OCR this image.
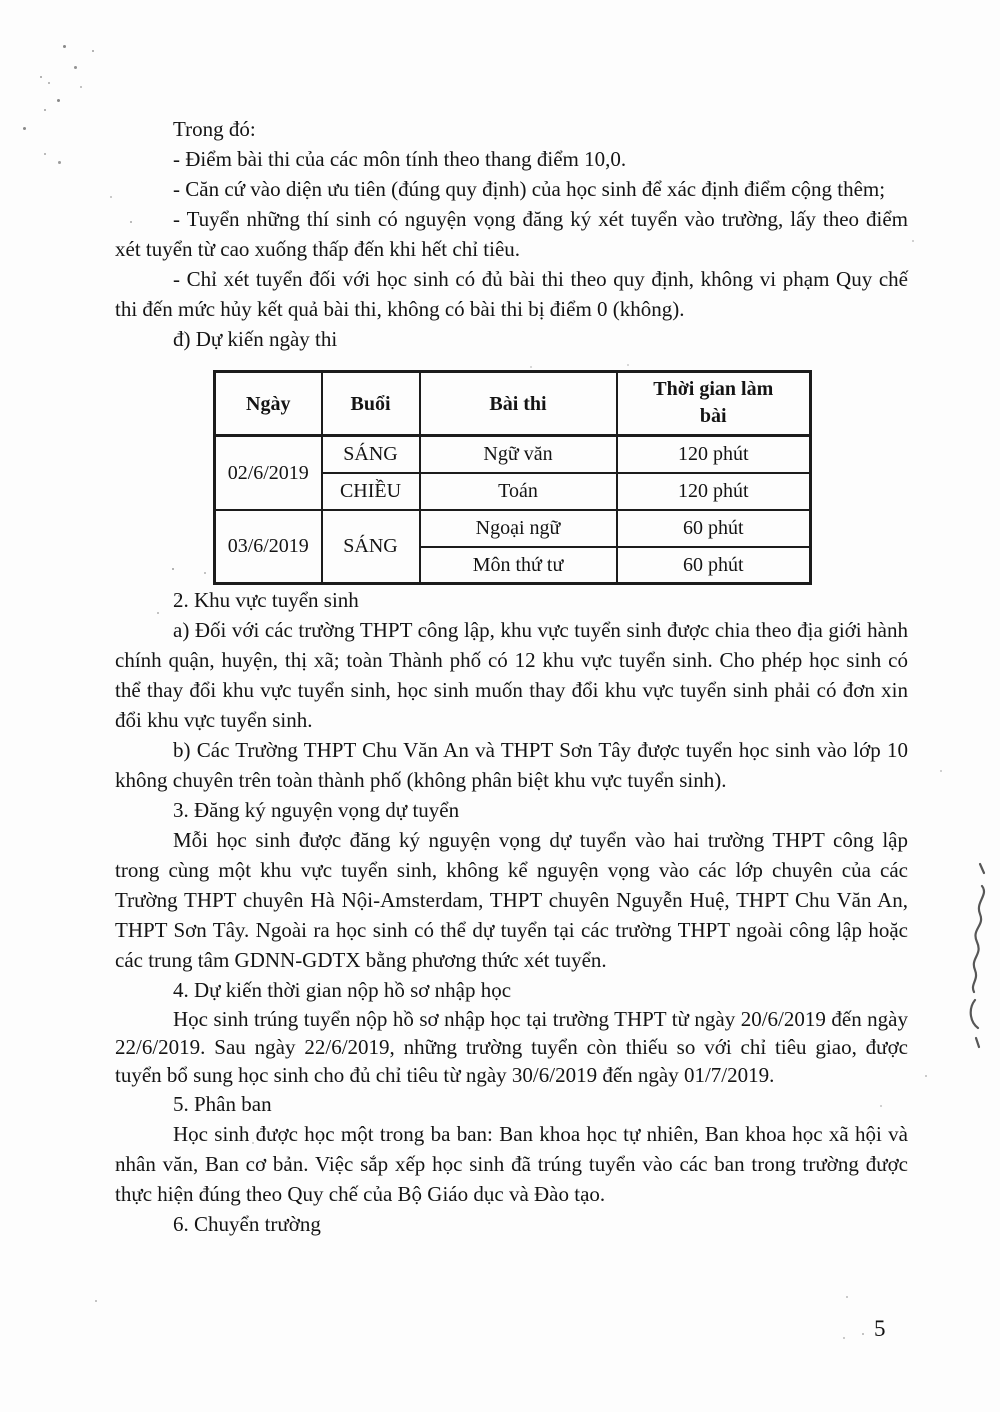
Trong đó:

- Điểm bài thi của các môn tính theo thang điểm 10,0.

- Căn cứ vào diện ưu tiên (đúng quy định) của học sinh để xác định điểm cộng thêm;

- Tuyển những thí sinh có nguyện vọng đăng ký xét tuyển vào trường, lấy theo điểm xét tuyển từ cao xuống thấp đến khi hết chỉ tiêu.

- Chỉ xét tuyển đối với học sinh có đủ bài thi theo quy định, không vi phạm Quy chế thi đến mức hủy kết quả bài thi, không có bài thi bị điểm 0 (không).

đ) Dự kiến ngày thi

Ngày	Buổi	Bài thi	Thời gian làm bài
02/6/2019	SÁNG	Ngữ văn	120 phút
	CHIỀU	Toán	120 phút
03/6/2019	SÁNG	Ngoại ngữ	60 phút
		Môn thứ tư	60 phút

2. Khu vực tuyển sinh

a) Đối với các trường THPT công lập, khu vực tuyển sinh được chia theo địa giới hành chính quận, huyện, thị xã; toàn Thành phố có 12 khu vực tuyển sinh. Cho phép học sinh có thể thay đổi khu vực tuyển sinh, học sinh muốn thay đổi khu vực tuyển sinh phải có đơn xin đổi khu vực tuyển sinh.

b) Các Trường THPT Chu Văn An và THPT Sơn Tây được tuyển học sinh vào lớp 10 không chuyên trên toàn thành phố (không phân biệt khu vực tuyển sinh).

3. Đăng ký nguyện vọng dự tuyển

Mỗi học sinh được đăng ký nguyện vọng dự tuyển vào hai trường THPT công lập trong cùng một khu vực tuyển sinh, không kể nguyện vọng vào các lớp chuyên của các Trường THPT chuyên Hà Nội-Amsterdam, THPT chuyên Nguyễn Huệ, THPT Chu Văn An, THPT Sơn Tây. Ngoài ra học sinh có thể dự tuyển tại các trường THPT ngoài công lập hoặc các trung tâm GDNN-GDTX bằng phương thức xét tuyển.

4. Dự kiến thời gian nộp hồ sơ nhập học

Học sinh trúng tuyển nộp hồ sơ nhập học tại trường THPT từ ngày 20/6/2019 đến ngày 22/6/2019. Sau ngày 22/6/2019, những trường tuyển còn thiếu so với chỉ tiêu giao, được tuyển bổ sung học sinh cho đủ chỉ tiêu từ ngày 30/6/2019 đến ngày 01/7/2019.

5. Phân ban

Học sinh được học một trong ba ban: Ban khoa học tự nhiên, Ban khoa học xã hội và nhân văn, Ban cơ bản. Việc sắp xếp học sinh đã trúng tuyển vào các ban trong trường được thực hiện đúng theo Quy chế của Bộ Giáo dục và Đào tạo.

6. Chuyển trường

5
